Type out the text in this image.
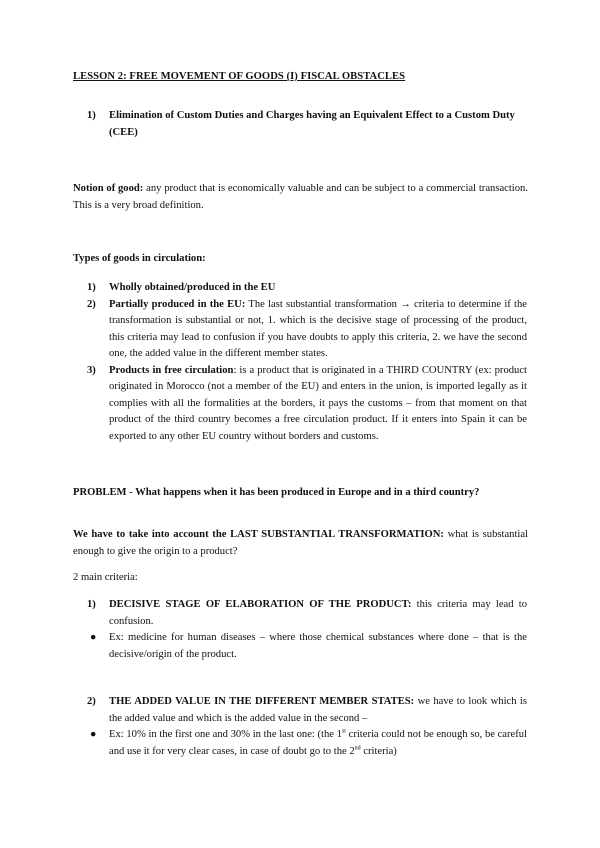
LESSON 2: FREE MOVEMENT OF GOODS (I) FISCAL OBSTACLES
1) Elimination of Custom Duties and Charges having an Equivalent Effect to a Custom Duty (CEE)
Notion of good: any product that is economically valuable and can be subject to a commercial transaction. This is a very broad definition.
Types of goods in circulation:
1) Wholly obtained/produced in the EU
2) Partially produced in the EU: The last substantial transformation → criteria to determine if the transformation is substantial or not, 1. which is the decisive stage of processing of the product, this criteria may lead to confusion if you have doubts to apply this criteria, 2. we have the second one, the added value in the different member states.
3) Products in free circulation: is a product that is originated in a THIRD COUNTRY (ex: product originated in Morocco (not a member of the EU) and enters in the union, is imported legally as it complies with all the formalities at the borders, it pays the customs – from that moment on that product of the third country becomes a free circulation product. If it enters into Spain it can be exported to any other EU country without borders and customs.
PROBLEM - What happens when it has been produced in Europe and in a third country?
We have to take into account the LAST SUBSTANTIAL TRANSFORMATION: what is substantial enough to give the origin to a product?
2 main criteria:
1) DECISIVE STAGE OF ELABORATION OF THE PRODUCT: this criteria may lead to confusion.
● Ex: medicine for human diseases – where those chemical substances where done – that is the decisive/origin of the product.
2) THE ADDED VALUE IN THE DIFFERENT MEMBER STATES: we have to look which is the added value and which is the added value in the second –
● Ex: 10% in the first one and 30% in the last one: (the 1st criteria could not be enough so, be careful and use it for very clear cases, in case of doubt go to the 2nd criteria)
